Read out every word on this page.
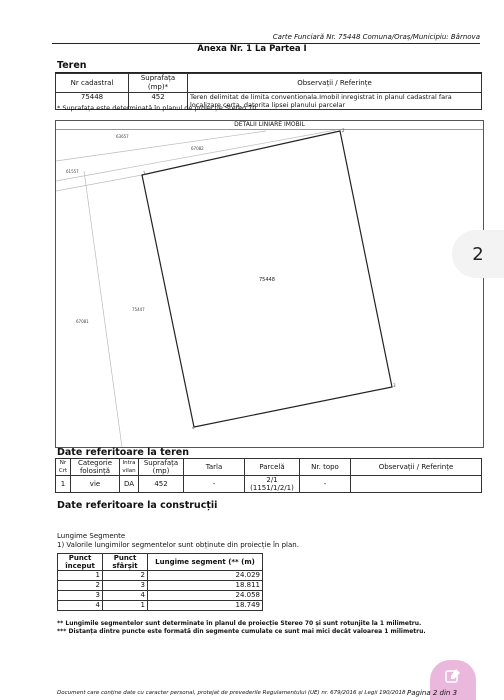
Carte Funciară Nr. 75448 Comuna/Oraș/Municipiu: Bârnova
Anexa Nr. 1 La Partea I
Teren
Nr cadastral	Suprafața (mp)*	Observații / Referințe
75448	452	Teren delimitat de limita conventionala.Imobil inregistrat in planul cadastral fara localizare certa, datorita lipsei planului parcelar
* Suprafața este determinată în planul de proiecție Stereo 70.
DETALII LINIARE IMOBIL
1
2
3
4
75448
63657
67082
61557
75447
67081
2
Date referitoare la teren
Nr Crt	Categorie folosință	Intra vilan	Suprafața (mp)	Tarla	Parcelă	Nr. topo	Observații / Referințe
1	vie	DA	452	-	2/1 (1151/1/2/1)	-	
Date referitoare la construcții
Lungime Segmente
1) Valorile lungimilor segmentelor sunt obținute din proiecție în plan.
Punct început	Punct sfârșit	Lungime segment (** (m)
1	2	24.029
2	3	18.811
3	4	24.058
4	1	18.749
** Lungimile segmentelor sunt determinate în planul de proiecție Stereo 70 și sunt rotunjite la 1 milimetru.
*** Distanța dintre puncte este formată din segmente cumulate ce sunt mai mici decât valoarea 1 milimetru.
Document care conține date cu caracter personal, protejat de prevederile Regulamentului (UE) nr. 679/2016 și Legii 190/2018 Pagina 2 din 3
